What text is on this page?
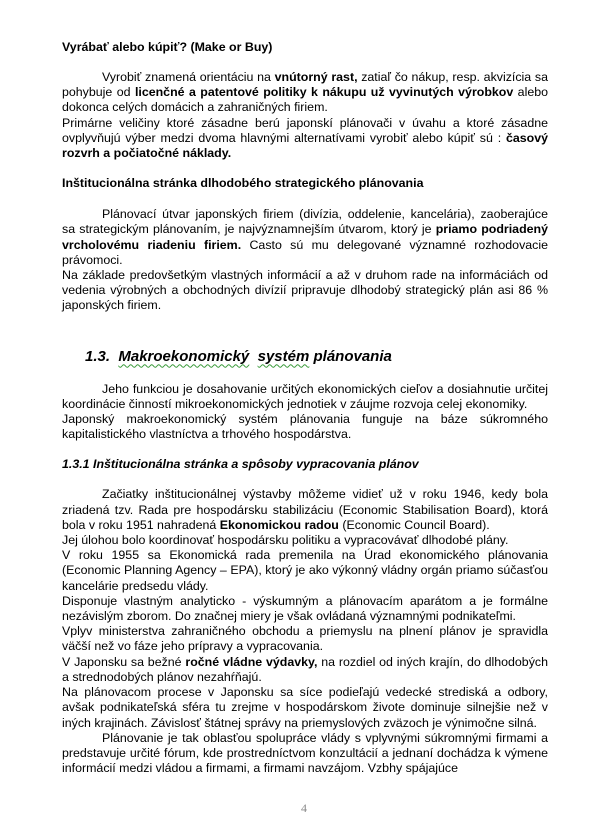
Vyrábať alebo kúpiť? (Make or Buy)

Vyrobiť znamená orientáciu na vnútorný rast, zatiaľ čo nákup, resp. akvizícia sa pohybuje od licenčné a patentové politiky k nákupu už vyvinutých výrobkov alebo dokonca celých domácich a zahraničných firiem.

Primárne veličiny ktoré zásadne berú japonskí plánovači v úvahu a ktoré zásadne ovplyvňujú výber medzi dvoma hlavnými alternatívami vyrobiť alebo kúpiť sú : časový rozvrh a počiatočné náklady.

Inštitucionálna stránka dlhodobého strategického plánovania

Plánovací útvar japonských firiem (divízia, oddelenie, kancelária), zaoberajúce sa strategickým plánovaním, je najvýznamnejším útvarom, ktorý je priamo podriadený vrcholovému riadeniu firiem. Casto sú mu delegované významné rozhodovacie právomoci.

Na základe predovšetkým vlastných informácií a až v druhom rade na informáciách od vedenia výrobných a obchodných divízií pripravuje dlhodobý strategický plán asi 86 % japonských firiem.

1.3. Makroekonomický systém plánovania

Jeho funkciou je dosahovanie určitých ekonomických cieľov a dosiahnutie určitej koordinácie činností mikroekonomických jednotiek v záujme rozvoja celej ekonomiky.

Japonský makroekonomický systém plánovania funguje na báze súkromného kapitalistického vlastníctva a trhového hospodárstva.

1.3.1 Inštitucionálna stránka a spôsoby vypracovania plánov

Začiatky inštitucionálnej výstavby môžeme vidieť už v roku 1946, kedy bola zriadená tzv. Rada pre hospodársku stabilizáciu (Economic Stabilisation Board), ktorá bola v roku 1951 nahradená Ekonomickou radou (Economic Council Board).

Jej úlohou bolo koordinovať hospodársku politiku a vypracovávať dlhodobé plány.

V roku 1955 sa Ekonomická rada premenila na Úrad ekonomického plánovania (Economic Planning Agency – EPA), ktorý je ako výkonný vládny orgán priamo súčasťou kancelárie predsedu vlády.

Disponuje vlastným analyticko - výskumným a plánovacím aparátom a je formálne nezávislým zborom. Do značnej miery je však ovládaná významnými podnikateľmi.

Vplyv ministerstva zahraničného obchodu a priemyslu na plnení plánov je spravidla väčší než vo fáze jeho prípravy a vypracovania.

V Japonsku sa bežné ročné vládne výdavky, na rozdiel od iných krajín, do dlhodobých a strednodobých plánov nezahŕňajú.

Na plánovacom procese v Japonsku sa síce podieľajú vedecké strediská a odbory, avšak podnikateľská sféra tu zrejme v hospodárskom živote dominuje silnejšie než v iných krajinách. Závislosť štátnej správy na priemyslových zväzoch je výnimočne silná.

Plánovanie je tak oblasťou spolupráce vlády s vplyvnými súkromnými firmami a predstavuje určité fórum, kde prostredníctvom konzultácií a jednaní dochádza k výmene informácií medzi vládou a firmami, a firmami navzájom. Vzbhy spájajúce

4
